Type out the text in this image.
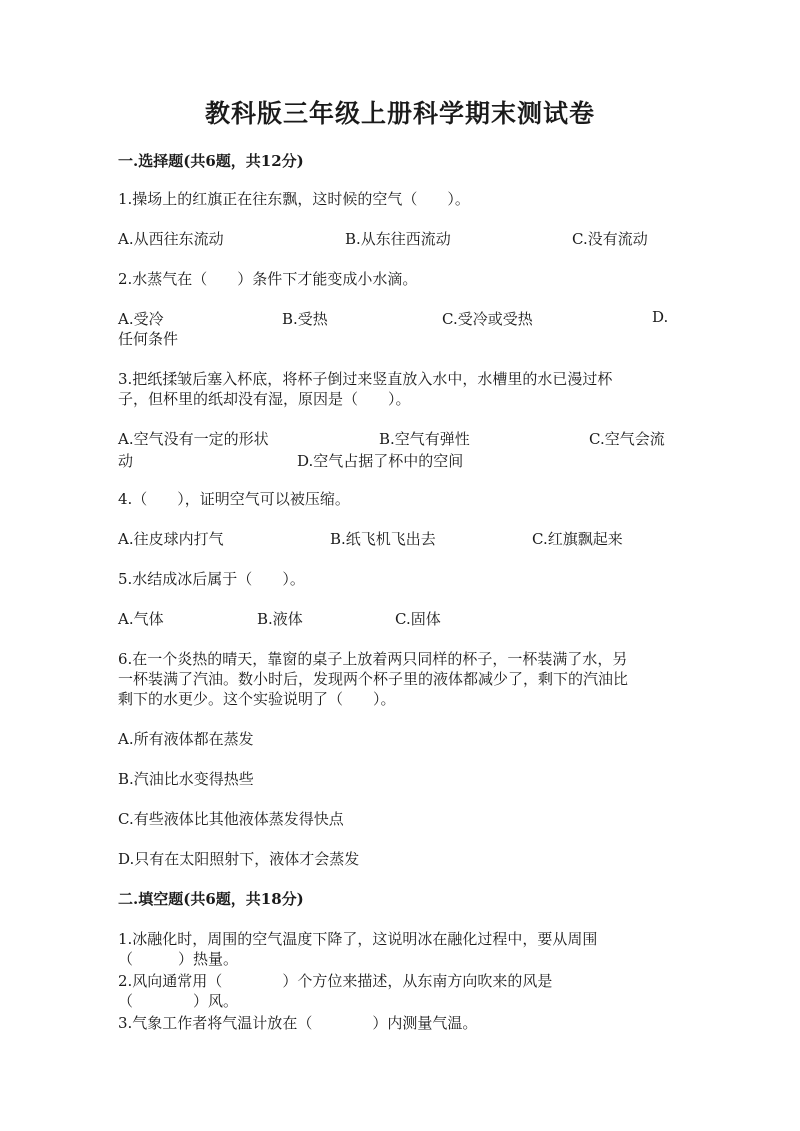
教科版三年级上册科学期末测试卷
一.选择题(共6题，共12分)
1.操场上的红旗正在往东飘，这时候的空气（　　）。
A.从西往东流动	B.从东往西流动	C.没有流动
2.水蒸气在（　　）条件下才能变成小水滴。
A.受冷	B.受热	C.受冷或受热	D.
任何条件
3.把纸揉皱后塞入杯底，将杯子倒过来竖直放入水中，水槽里的水已漫过杯
子，但杯里的纸却没有湿，原因是（　　）。
A.空气没有一定的形状	B.空气有弹性	C.空气会流
动	D.空气占据了杯中的空间
4.（　　），证明空气可以被压缩。
A.往皮球内打气	B.纸飞机飞出去	C.红旗飘起来
5.水结成冰后属于（　　）。
A.气体	B.液体	C.固体
6.在一个炎热的晴天，靠窗的桌子上放着两只同样的杯子，一杯装满了水，另
一杯装满了汽油。数小时后，发现两个杯子里的液体都减少了，剩下的汽油比
剩下的水更少。这个实验说明了（　　）。
A.所有液体都在蒸发
B.汽油比水变得热些
C.有些液体比其他液体蒸发得快点
D.只有在太阳照射下，液体才会蒸发
二.填空题(共6题，共18分)
1.冰融化时，周围的空气温度下降了，这说明冰在融化过程中，要从周围
（　　　）热量。
2.风向通常用（　　　　）个方位来描述，从东南方向吹来的风是
（　　　　）风。
3.气象工作者将气温计放在（　　　　）内测量气温。
